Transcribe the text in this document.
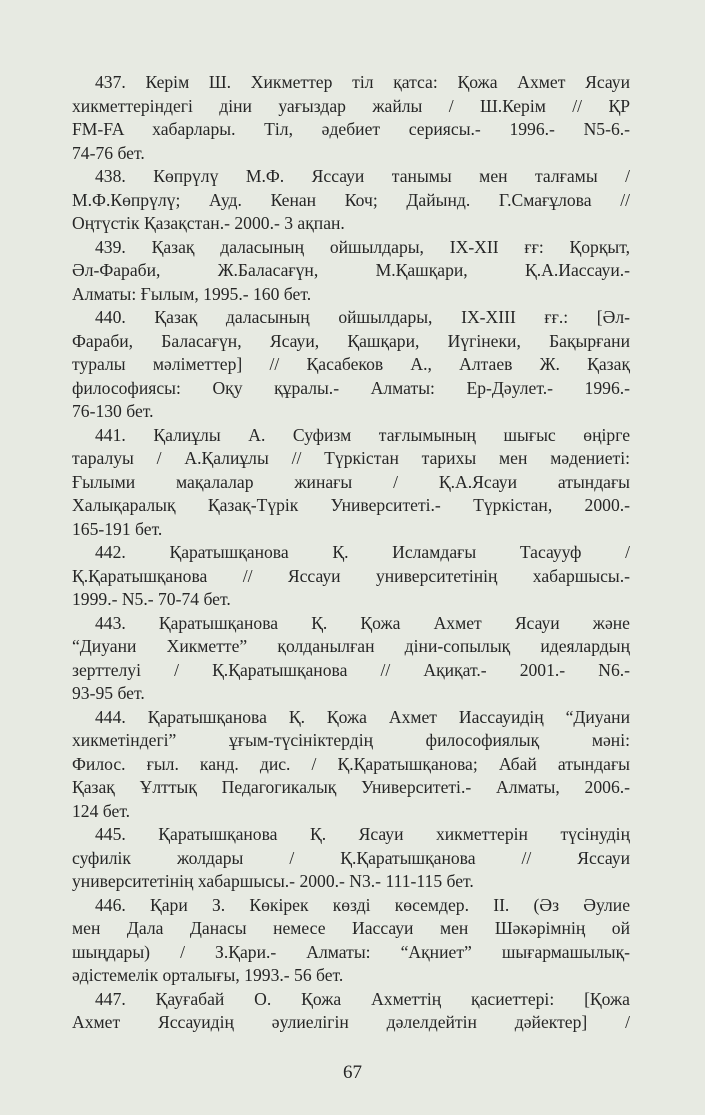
437. Керім Ш. Хикметтер тіл қатса: Қожа Ахмет Ясауи
хикметтеріндегі діни уағыздар жайлы / Ш.Керім // ҚР
FM-FA хабарлары. Тіл, әдебиет сериясы.- 1996.- N5-6.-
74-76 бет.
438. Көпрүлү М.Ф. Яссауи танымы мен талғамы /
М.Ф.Көпрүлү; Ауд. Кенан Коч; Дайынд. Г.Смағұлова //
Оңтүстік Қазақстан.- 2000.- 3 ақпан.
439. Қазақ даласының ойшылдары, IX-XII ғғ: Қорқыт,
Әл-Фараби, Ж.Баласағүн, М.Қашқари, Қ.А.Иассауи.-
Алматы: Ғылым, 1995.- 160 бет.
440. Қазақ даласының ойшылдары, IX-XIII ғғ.: [Әл-
Фараби, Баласағүн, Ясауи, Қашқари, Иүгінеки, Бақырғани
туралы мәліметтер] // Қасабеков А., Алтаев Ж. Қазақ
философиясы: Оқу құралы.- Алматы: Ер-Дәулет.- 1996.-
76-130 бет.
441. Қалиұлы А. Суфизм тағлымының шығыс өңірге
таралуы / А.Қалиұлы // Түркістан тарихы мен мәдениеті:
Ғылыми мақалалар жинағы / Қ.А.Ясауи атындағы
Халықаралық Қазақ-Түрік Университеті.- Түркістан, 2000.-
165-191 бет.
442. Қаратышқанова Қ. Исламдағы Тасаууф /
Қ.Қаратышқанова // Яссауи университетінің хабаршысы.-
1999.- N5.- 70-74 бет.
443. Қаратышқанова Қ. Қожа Ахмет Ясауи және
“Диуани Хикметте” қолданылған діни-сопылық идеялардың
зерттелуі / Қ.Қаратышқанова // Ақиқат.- 2001.- N6.-
93-95 бет.
444. Қаратышқанова Қ. Қожа Ахмет Иассауидің “Диуани
хикметіндегі” ұғым-түсініктердің философиялық мәні:
Филос. ғыл. канд. дис. / Қ.Қаратышқанова; Абай атындағы
Қазақ Ұлттық Педагогикалық Университеті.- Алматы, 2006.-
124 бет.
445. Қаратышқанова Қ. Ясауи хикметтерін түсінудің
суфилік жолдары / Қ.Қаратышқанова // Яссауи
университетінің хабаршысы.- 2000.- N3.- 111-115 бет.
446. Қари З. Көкірек көзді көсемдер. II. (Әз Әулие
мен Дала Данасы немесе Иассауи мен Шәкәрімнің ой
шыңдары) / З.Қари.- Алматы: “Ақниет” шығармашылық-
әдістемелік орталығы, 1993.- 56 бет.
447. Қауғабай О. Қожа Ахметтің қасиеттері: [Қожа
Ахмет Яссауидің әулиелігін дәлелдейтін дәйектер] /
67
